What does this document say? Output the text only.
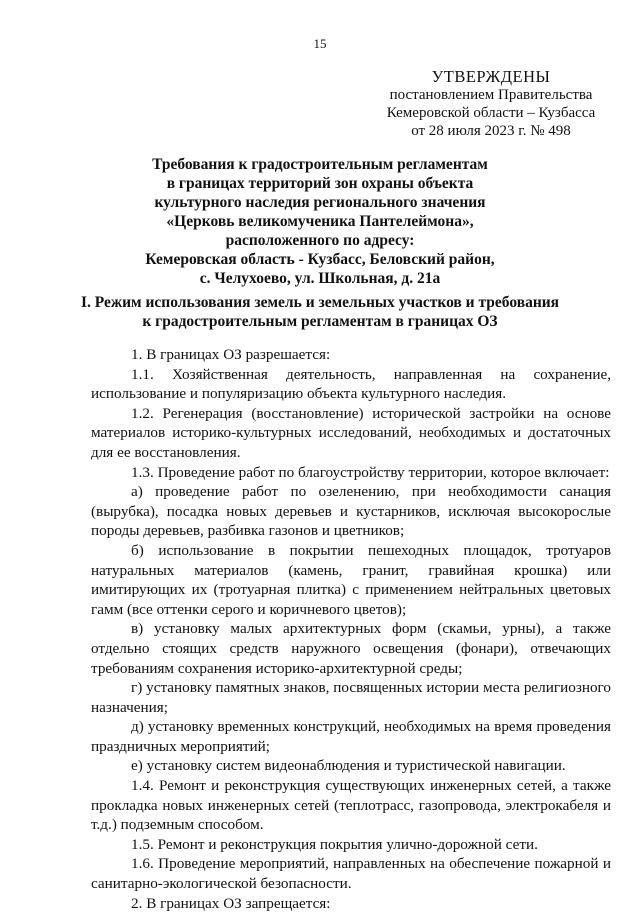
15
УТВЕРЖДЕНЫ
постановлением Правительства
Кемеровской области – Кузбасса
от 28 июля 2023 г. № 498
Требования к градостроительным регламентам
в границах территорий зон охраны объекта
культурного наследия регионального значения
«Церковь великомученика Пантелеймона»,
расположенного по адресу:
Кемеровская область - Кузбасс, Беловский район,
с. Челухоево, ул. Школьная, д. 21а
I. Режим использования земель и земельных участков и требования
к градостроительным регламентам в границах ОЗ

1. В границах ОЗ разрешается:

1.1. Хозяйственная деятельность, направленная на сохранение, использование и популяризацию объекта культурного наследия.

1.2. Регенерация (восстановление) исторической застройки на основе материалов историко-культурных исследований, необходимых и достаточных для ее восстановления.

1.3. Проведение работ по благоустройству территории, которое включает:

а) проведение работ по озеленению, при необходимости санация (вырубка), посадка новых деревьев и кустарников, исключая высокорослые породы деревьев, разбивка газонов и цветников;

б) использование в покрытии пешеходных площадок, тротуаров натуральных материалов (камень, гранит, гравийная крошка) или имитирующих их (тротуарная плитка) с применением нейтральных цветовых гамм (все оттенки серого и коричневого цветов);

в) установку малых архитектурных форм (скамьи, урны), а также отдельно стоящих средств наружного освещения (фонари), отвечающих требованиям сохранения историко-архитектурной среды;

г) установку памятных знаков, посвященных истории места религиозного назначения;

д) установку временных конструкций, необходимых на время проведения праздничных мероприятий;

е) установку систем видеонаблюдения и туристической навигации.

1.4. Ремонт и реконструкция существующих инженерных сетей, а также прокладка новых инженерных сетей (теплотрасс, газопровода, электрокабеля и т.д.) подземным способом.

1.5. Ремонт и реконструкция покрытия улично-дорожной сети.

1.6. Проведение мероприятий, направленных на обеспечение пожарной и санитарно-экологической безопасности.

2. В границах ОЗ запрещается:
